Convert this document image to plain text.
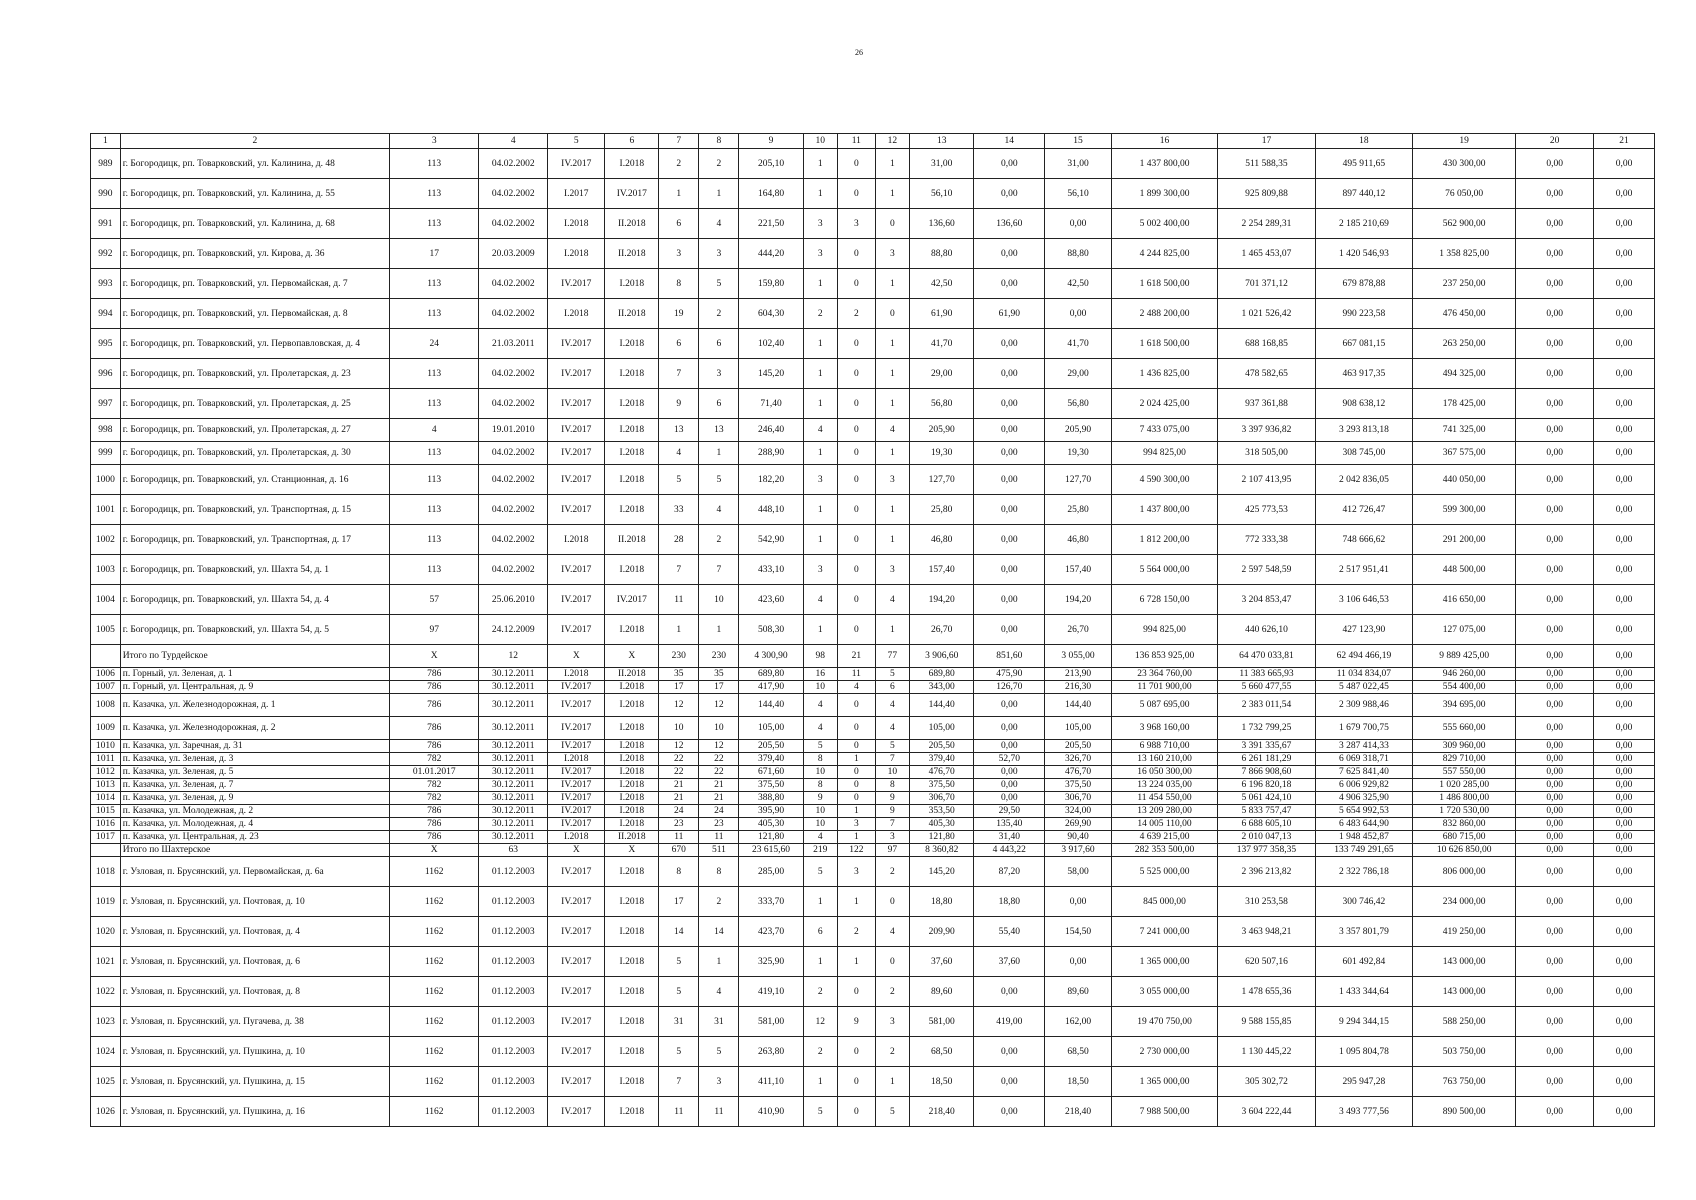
26
1	2	3	4	5	6	7	8	9	10	11	12	13	14	15	16	17	18	19	20	21
989	г. Богородицк, рп. Товарковский, ул. Калинина, д. 48	113	04.02.2002	IV.2017	I.2018	2	2	205,10	1	0	1	31,00	0,00	31,00	1 437 800,00	511 588,35	495 911,65	430 300,00	0,00	0,00
990	г. Богородицк, рп. Товарковский, ул. Калинина, д. 55	113	04.02.2002	I.2017	IV.2017	1	1	164,80	1	0	1	56,10	0,00	56,10	1 899 300,00	925 809,88	897 440,12	76 050,00	0,00	0,00
991	г. Богородицк, рп. Товарковский, ул. Калинина, д. 68	113	04.02.2002	I.2018	II.2018	6	4	221,50	3	3	0	136,60	136,60	0,00	5 002 400,00	2 254 289,31	2 185 210,69	562 900,00	0,00	0,00
992	г. Богородицк, рп. Товарковский, ул. Кирова, д. 36	17	20.03.2009	I.2018	II.2018	3	3	444,20	3	0	3	88,80	0,00	88,80	4 244 825,00	1 465 453,07	1 420 546,93	1 358 825,00	0,00	0,00
993	г. Богородицк, рп. Товарковский, ул. Первомайская, д. 7	113	04.02.2002	IV.2017	I.2018	8	5	159,80	1	0	1	42,50	0,00	42,50	1 618 500,00	701 371,12	679 878,88	237 250,00	0,00	0,00
994	г. Богородицк, рп. Товарковский, ул. Первомайская, д. 8	113	04.02.2002	I.2018	II.2018	19	2	604,30	2	2	0	61,90	61,90	0,00	2 488 200,00	1 021 526,42	990 223,58	476 450,00	0,00	0,00
995	г. Богородицк, рп. Товарковский, ул. Первопавловская, д. 4	24	21.03.2011	IV.2017	I.2018	6	6	102,40	1	0	1	41,70	0,00	41,70	1 618 500,00	688 168,85	667 081,15	263 250,00	0,00	0,00
996	г. Богородицк, рп. Товарковский, ул. Пролетарская, д. 23	113	04.02.2002	IV.2017	I.2018	7	3	145,20	1	0	1	29,00	0,00	29,00	1 436 825,00	478 582,65	463 917,35	494 325,00	0,00	0,00
997	г. Богородицк, рп. Товарковский, ул. Пролетарская, д. 25	113	04.02.2002	IV.2017	I.2018	9	6	71,40	1	0	1	56,80	0,00	56,80	2 024 425,00	937 361,88	908 638,12	178 425,00	0,00	0,00
998	г. Богородицк, рп. Товарковский, ул. Пролетарская, д. 27	4	19.01.2010	IV.2017	I.2018	13	13	246,40	4	0	4	205,90	0,00	205,90	7 433 075,00	3 397 936,82	3 293 813,18	741 325,00	0,00	0,00
999	г. Богородицк, рп. Товарковский, ул. Пролетарская, д. 30	113	04.02.2002	IV.2017	I.2018	4	1	288,90	1	0	1	19,30	0,00	19,30	994 825,00	318 505,00	308 745,00	367 575,00	0,00	0,00
1000	г. Богородицк, рп. Товарковский, ул. Станционная, д. 16	113	04.02.2002	IV.2017	I.2018	5	5	182,20	3	0	3	127,70	0,00	127,70	4 590 300,00	2 107 413,95	2 042 836,05	440 050,00	0,00	0,00
1001	г. Богородицк, рп. Товарковский, ул. Транспортная, д. 15	113	04.02.2002	IV.2017	I.2018	33	4	448,10	1	0	1	25,80	0,00	25,80	1 437 800,00	425 773,53	412 726,47	599 300,00	0,00	0,00
1002	г. Богородицк, рп. Товарковский, ул. Транспортная, д. 17	113	04.02.2002	I.2018	II.2018	28	2	542,90	1	0	1	46,80	0,00	46,80	1 812 200,00	772 333,38	748 666,62	291 200,00	0,00	0,00
1003	г. Богородицк, рп. Товарковский, ул. Шахта 54, д. 1	113	04.02.2002	IV.2017	I.2018	7	7	433,10	3	0	3	157,40	0,00	157,40	5 564 000,00	2 597 548,59	2 517 951,41	448 500,00	0,00	0,00
1004	г. Богородицк, рп. Товарковский, ул. Шахта 54, д. 4	57	25.06.2010	IV.2017	IV.2017	11	10	423,60	4	0	4	194,20	0,00	194,20	6 728 150,00	3 204 853,47	3 106 646,53	416 650,00	0,00	0,00
1005	г. Богородицк, рп. Товарковский, ул. Шахта 54, д. 5	97	24.12.2009	IV.2017	I.2018	1	1	508,30	1	0	1	26,70	0,00	26,70	994 825,00	440 626,10	427 123,90	127 075,00	0,00	0,00
	Итого по Турдейское	X	12	X	X	230	230	4 300,90	98	21	77	3 906,60	851,60	3 055,00	136 853 925,00	64 470 033,81	62 494 466,19	9 889 425,00	0,00	0,00
1006	п. Горный, ул. Зеленая, д. 1	786	30.12.2011	I.2018	II.2018	35	35	689,80	16	11	5	689,80	475,90	213,90	23 364 760,00	11 383 665,93	11 034 834,07	946 260,00	0,00	0,00
1007	п. Горный, ул. Центральная, д. 9	786	30.12.2011	IV.2017	I.2018	17	17	417,90	10	4	6	343,00	126,70	216,30	11 701 900,00	5 660 477,55	5 487 022,45	554 400,00	0,00	0,00
1008	п. Казачка, ул. Железнодорожная, д. 1	786	30.12.2011	IV.2017	I.2018	12	12	144,40	4	0	4	144,40	0,00	144,40	5 087 695,00	2 383 011,54	2 309 988,46	394 695,00	0,00	0,00
1009	п. Казачка, ул. Железнодорожная, д. 2	786	30.12.2011	IV.2017	I.2018	10	10	105,00	4	0	4	105,00	0,00	105,00	3 968 160,00	1 732 799,25	1 679 700,75	555 660,00	0,00	0,00
1010	п. Казачка, ул. Заречная, д. 31	786	30.12.2011	IV.2017	I.2018	12	12	205,50	5	0	5	205,50	0,00	205,50	6 988 710,00	3 391 335,67	3 287 414,33	309 960,00	0,00	0,00
1011	п. Казачка, ул. Зеленая, д. 3	782	30.12.2011	I.2018	I.2018	22	22	379,40	8	1	7	379,40	52,70	326,70	13 160 210,00	6 261 181,29	6 069 318,71	829 710,00	0,00	0,00
1012	п. Казачка, ул. Зеленая, д. 5	01.01.2017	30.12.2011	IV.2017	I.2018	22	22	671,60	10	0	10	476,70	0,00	476,70	16 050 300,00	7 866 908,60	7 625 841,40	557 550,00	0,00	0,00
1013	п. Казачка, ул. Зеленая, д. 7	782	30.12.2011	IV.2017	I.2018	21	21	375,50	8	0	8	375,50	0,00	375,50	13 224 035,00	6 196 820,18	6 006 929,82	1 020 285,00	0,00	0,00
1014	п. Казачка, ул. Зеленая, д. 9	782	30.12.2011	IV.2017	I.2018	21	21	388,80	9	0	9	306,70	0,00	306,70	11 454 550,00	5 061 424,10	4 906 325,90	1 486 800,00	0,00	0,00
1015	п. Казачка, ул. Молодежная, д. 2	786	30.12.2011	IV.2017	I.2018	24	24	395,90	10	1	9	353,50	29,50	324,00	13 209 280,00	5 833 757,47	5 654 992,53	1 720 530,00	0,00	0,00
1016	п. Казачка, ул. Молодежная, д. 4	786	30.12.2011	IV.2017	I.2018	23	23	405,30	10	3	7	405,30	135,40	269,90	14 005 110,00	6 688 605,10	6 483 644,90	832 860,00	0,00	0,00
1017	п. Казачка, ул. Центральная, д. 23	786	30.12.2011	I.2018	II.2018	11	11	121,80	4	1	3	121,80	31,40	90,40	4 639 215,00	2 010 047,13	1 948 452,87	680 715,00	0,00	0,00
	Итого по Шахтерское	X	63	X	X	670	511	23 615,60	219	122	97	8 360,82	4 443,22	3 917,60	282 353 500,00	137 977 358,35	133 749 291,65	10 626 850,00	0,00	0,00
1018	г. Узловая, п. Брусянский, ул. Первомайская, д. 6а	1162	01.12.2003	IV.2017	I.2018	8	8	285,00	5	3	2	145,20	87,20	58,00	5 525 000,00	2 396 213,82	2 322 786,18	806 000,00	0,00	0,00
1019	г. Узловая, п. Брусянский, ул. Почтовая, д. 10	1162	01.12.2003	IV.2017	I.2018	17	2	333,70	1	1	0	18,80	18,80	0,00	845 000,00	310 253,58	300 746,42	234 000,00	0,00	0,00
1020	г. Узловая, п. Брусянский, ул. Почтовая, д. 4	1162	01.12.2003	IV.2017	I.2018	14	14	423,70	6	2	4	209,90	55,40	154,50	7 241 000,00	3 463 948,21	3 357 801,79	419 250,00	0,00	0,00
1021	г. Узловая, п. Брусянский, ул. Почтовая, д. 6	1162	01.12.2003	IV.2017	I.2018	5	1	325,90	1	1	0	37,60	37,60	0,00	1 365 000,00	620 507,16	601 492,84	143 000,00	0,00	0,00
1022	г. Узловая, п. Брусянский, ул. Почтовая, д. 8	1162	01.12.2003	IV.2017	I.2018	5	4	419,10	2	0	2	89,60	0,00	89,60	3 055 000,00	1 478 655,36	1 433 344,64	143 000,00	0,00	0,00
1023	г. Узловая, п. Брусянский, ул. Пугачева, д. 38	1162	01.12.2003	IV.2017	I.2018	31	31	581,00	12	9	3	581,00	419,00	162,00	19 470 750,00	9 588 155,85	9 294 344,15	588 250,00	0,00	0,00
1024	г. Узловая, п. Брусянский, ул. Пушкина, д. 10	1162	01.12.2003	IV.2017	I.2018	5	5	263,80	2	0	2	68,50	0,00	68,50	2 730 000,00	1 130 445,22	1 095 804,78	503 750,00	0,00	0,00
1025	г. Узловая, п. Брусянский, ул. Пушкина, д. 15	1162	01.12.2003	IV.2017	I.2018	7	3	411,10	1	0	1	18,50	0,00	18,50	1 365 000,00	305 302,72	295 947,28	763 750,00	0,00	0,00
1026	г. Узловая, п. Брусянский, ул. Пушкина, д. 16	1162	01.12.2003	IV.2017	I.2018	11	11	410,90	5	0	5	218,40	0,00	218,40	7 988 500,00	3 604 222,44	3 493 777,56	890 500,00	0,00	0,00
